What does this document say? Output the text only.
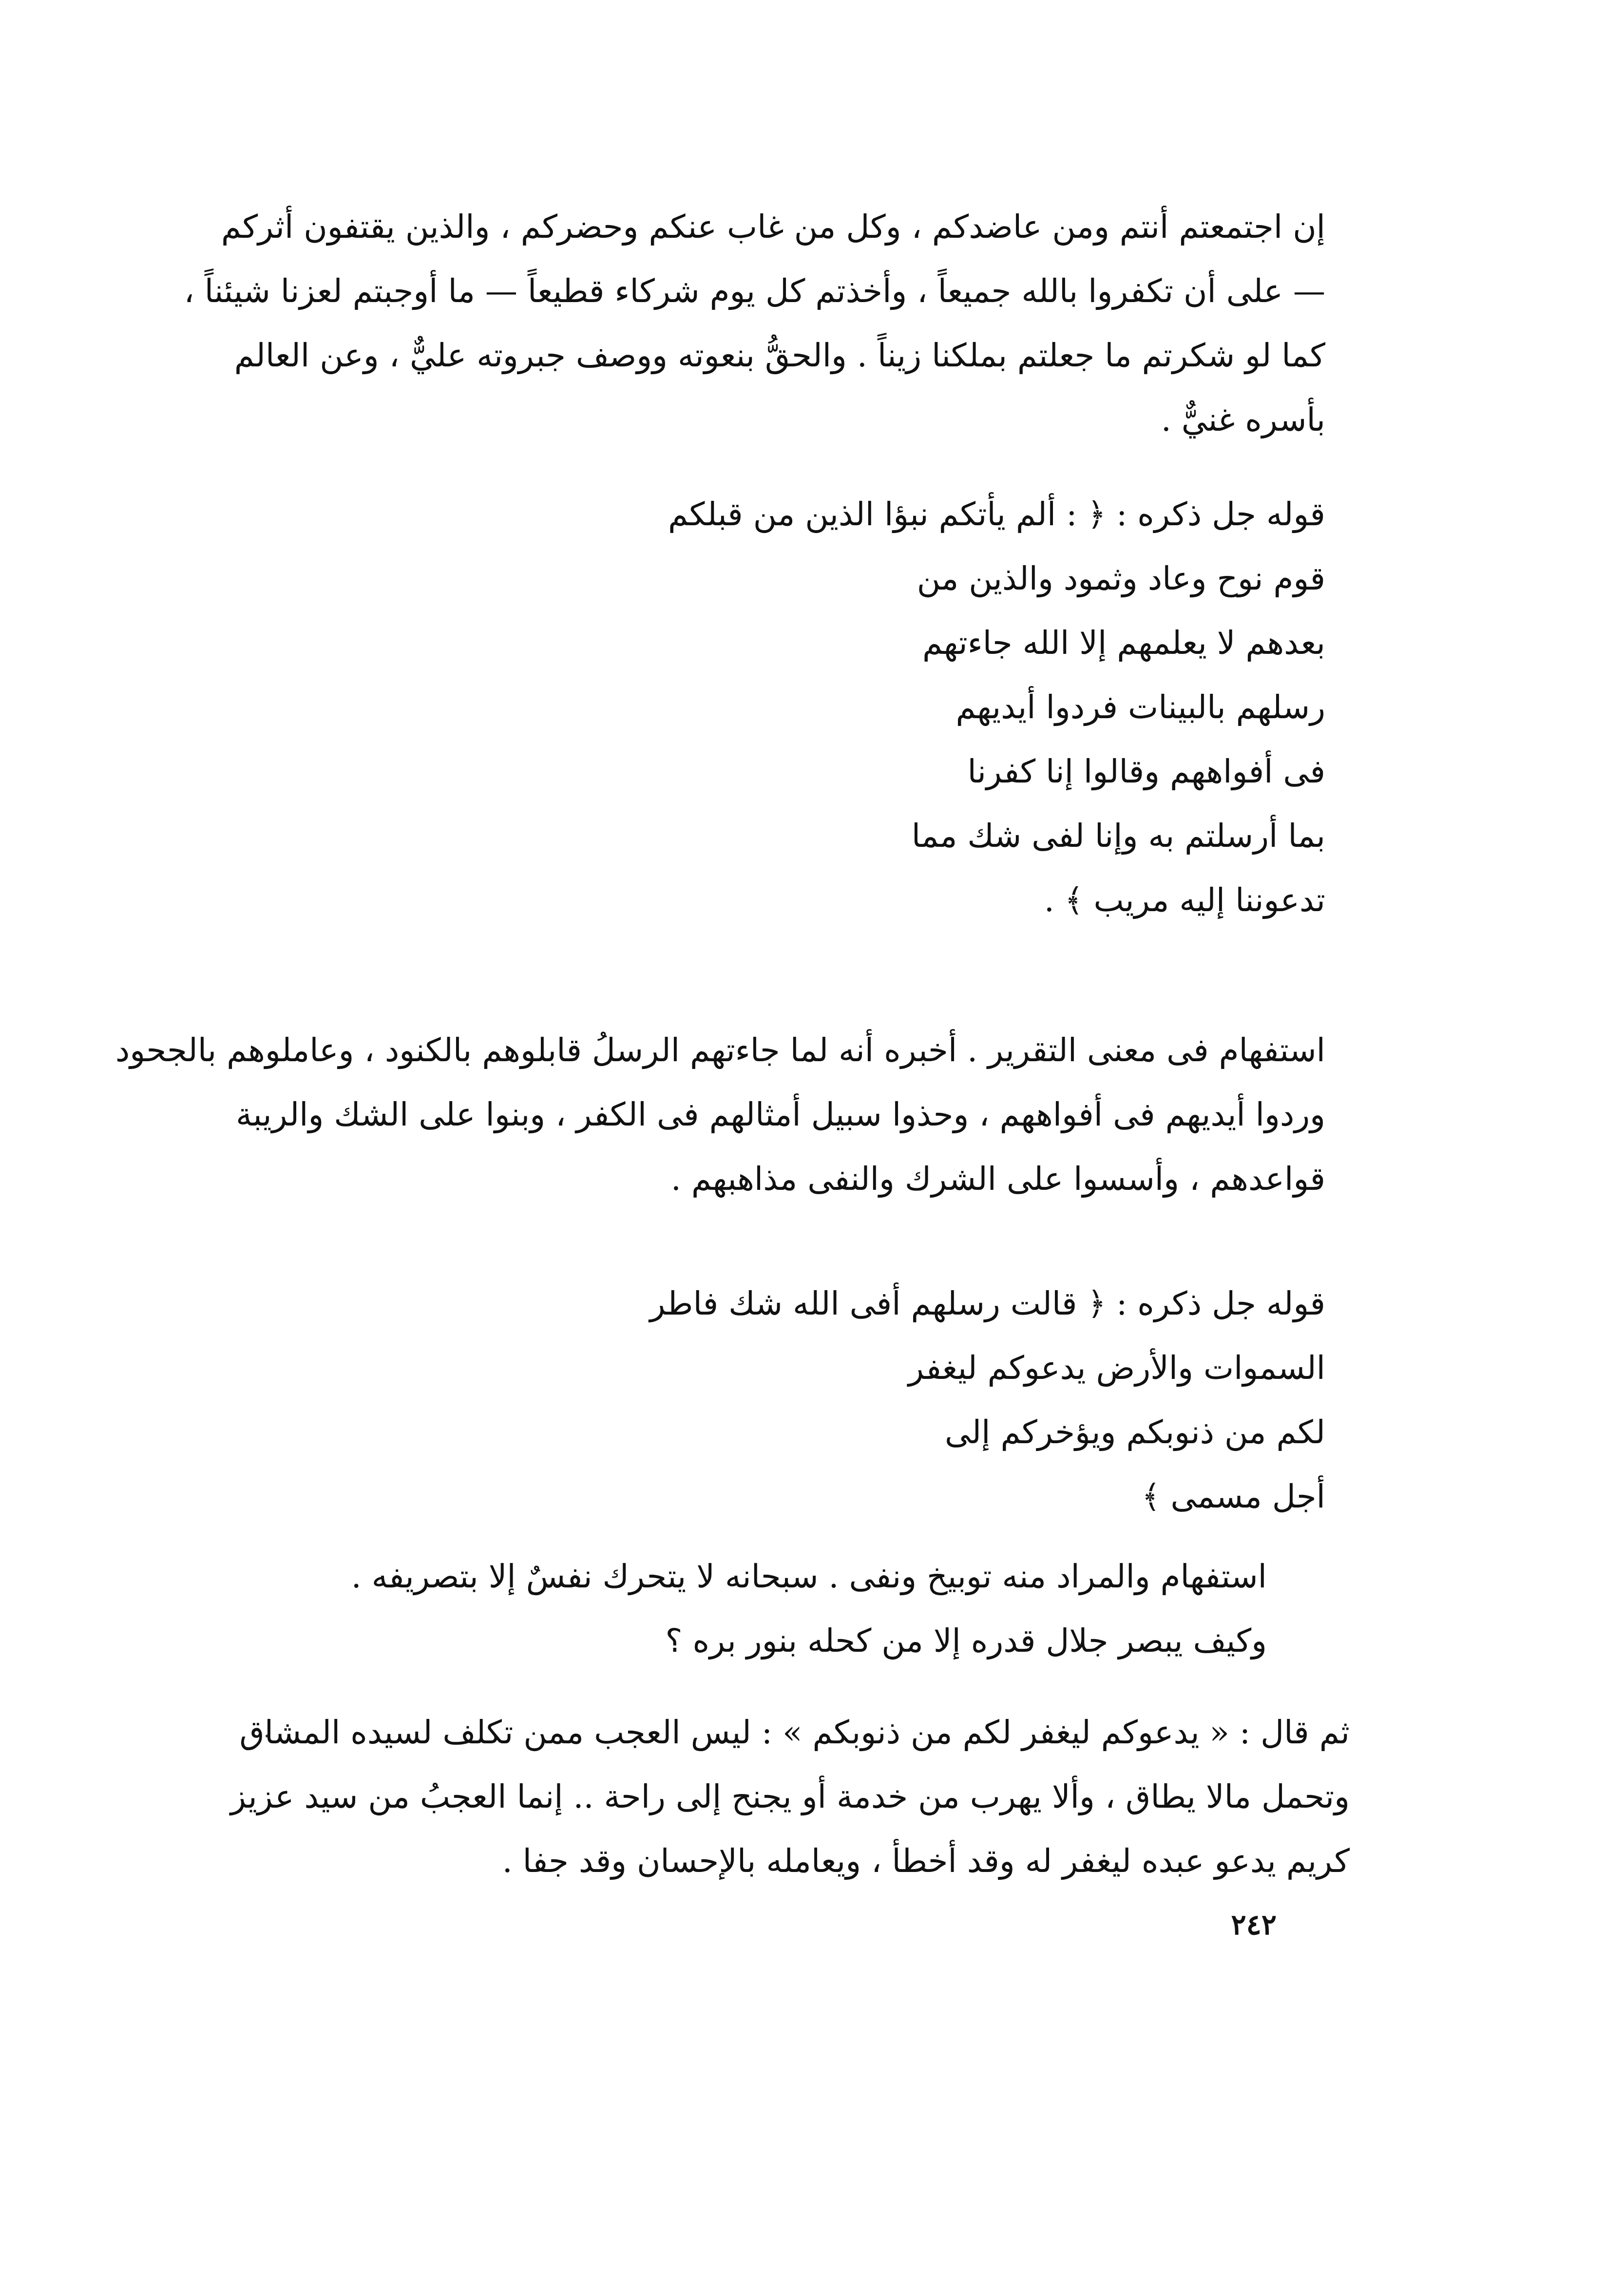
إن اجتمعتم أنتم ومن عاضدكم ، وكل من غاب عنكم وحضركم ، والذين يقتفون أثركم
— على أن تكفروا بالله جميعاً ، وأخذتم كل يوم شركاء قطيعاً — ما أوجبتم لعزنا شيئناً ،
كما لو شكرتم ما جعلتم بملكنا زيناً . والحقُّ بنعوته ووصف جبروته عليٌّ ، وعن العالم
بأسره غنيٌّ .
قوله جل ذكره : ﴿ : ألم يأتكم نبؤا الذين من قبلكم
قوم نوح وعاد وثمود والذين من
بعدهم لا يعلمهم إلا الله جاءتهم
رسلهم بالبينات فردوا أيديهم
فى أفواههم وقالوا إنا كفرنا
بما أرسلتم به وإنا لفى شك مما
تدعوننا إليه مريب ﴾ .
استفهام فى معنى التقرير . أخبره أنه لما جاءتهم الرسلُ قابلوهم بالكنود ، وعاملوهم بالجحود
وردوا أيديهم فى أفواههم ، وحذوا سبيل أمثالهم فى الكفر ، وبنوا على الشك والريبة
قواعدهم ، وأسسوا على الشرك والنفى مذاهبهم .
قوله جل ذكره : ﴿ قالت رسلهم أفى الله شك فاطر
السموات والأرض يدعوكم ليغفر
لكم من ذنوبكم ويؤخركم إلى
أجل مسمى ﴾
استفهام والمراد منه توبيخ ونفى . سبحانه لا يتحرك نفسٌ إلا بتصريفه .
وكيف يبصر جلال قدره إلا من كحله بنور بره ؟
ثم قال : « يدعوكم ليغفر لكم من ذنوبكم » : ليس العجب ممن تكلف لسيده المشاق
وتحمل مالا يطاق ، وألا يهرب من خدمة أو يجنح إلى راحة .. إنما العجبُ من سيد عزيز
كريم يدعو عبده ليغفر له وقد أخطأ ، ويعامله بالإحسان وقد جفا .
٢٤٢
